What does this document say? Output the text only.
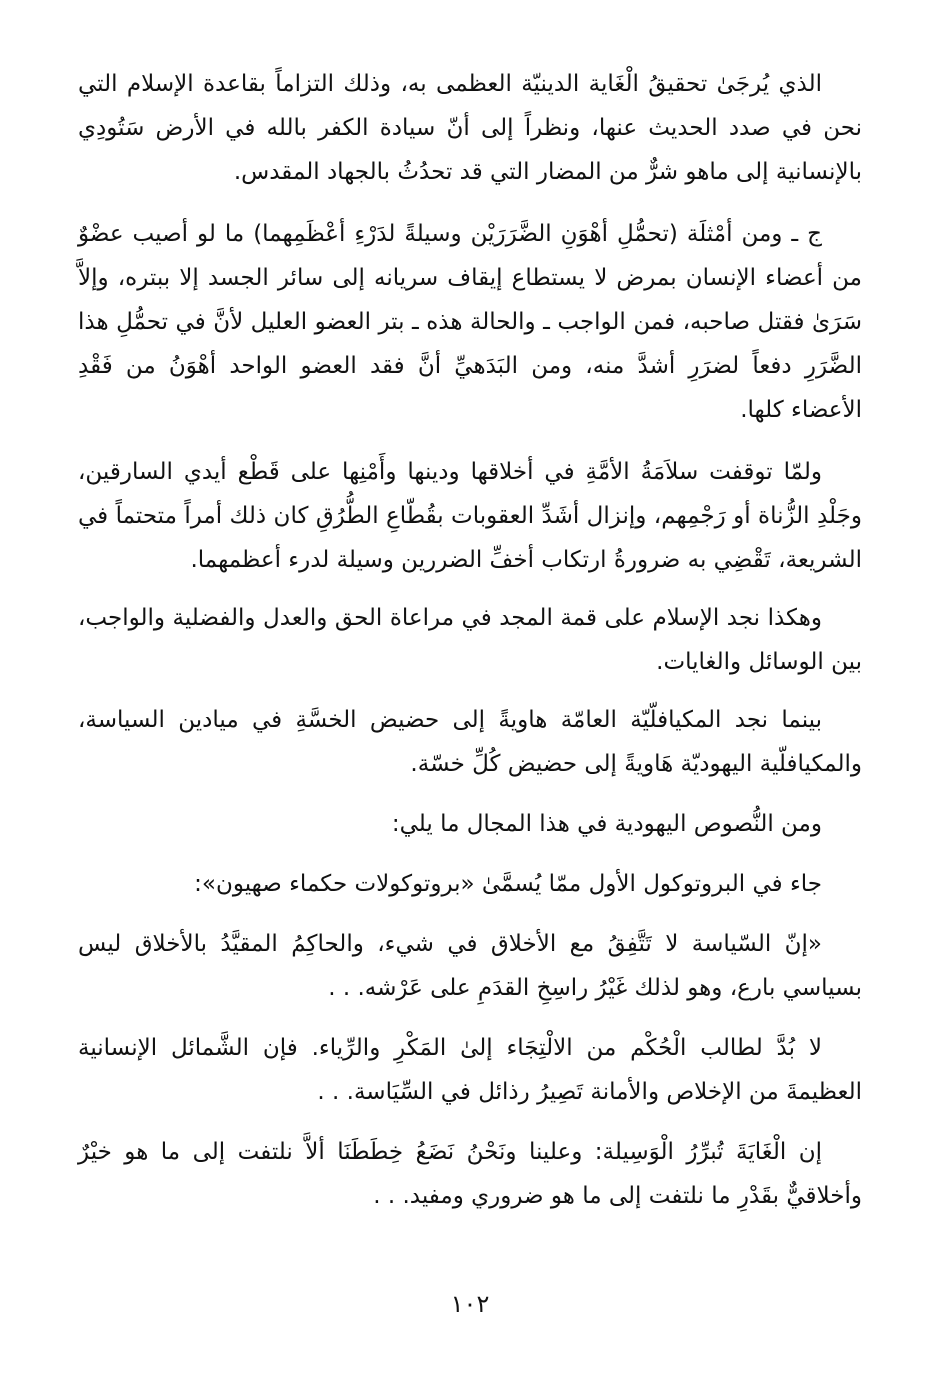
الذي يُرجَىٰ تحقيقُ الْغَاية الدينيّة العظمى به، وذلك التزاماً بقاعدة الإسلام التي نحن في صدد الحديث عنها، ونظراً إلى أنّ سيادة الكفر بالله في الأرض سَتُودِي بالإنسانية إلى ماهو شرٌّ من المضار التي قد تحدُثُ بالجهاد المقدس.

ج ـ ومن أمْثلَة (تحمُّلِ أهْوَنِ الضَّرَرَيْن وسيلةً لدَرْءِ أعْظَمِهما) ما لو أصيب عضْوٌ من أعضاء الإنسان بمرض لا يستطاع إيقاف سريانه إلى سائر الجسد إلا ببتره، وإلاَّ سَرَىٰ فقتل صاحبه، فمن الواجب ـ والحالة هذه ـ بتر العضو العليل لأنَّ في تحمُّلِ هذا الضَّرَرِ دفعاً لضرَرِ أشدَّ منه، ومن البَدَهيِّ أنَّ فقد العضو الواحد أهْوَنُ من فَقْدِ الأعضاء كلها.

ولمّا توقفت سلاَمَةُ الأمَّةِ في أخلاقها ودينها وأَمْنِها على قَطْع أيدي السارقين، وجَلْدِ الزُّناة أو رَجْمِهم، وإنزال أشَدِّ العقوبات بقُطّاعِ الطُّرُقِ كان ذلك أمراً متحتماً في الشريعة، تَقْضِي به ضرورةُ ارتكاب أخفِّ الضررين وسيلة لدرء أعظمهما.

وهكذا نجد الإسلام على قمة المجد في مراعاة الحق والعدل والفضلية والواجب، بين الوسائل والغايات.

بينما نجد المكيافلّيّة العامّة هاويةً إلى حضيض الخسَّةِ في ميادين السياسة، والمكيافلّية اليهوديّة هَاويةً إلى حضيض كُلِّ خسّة.

ومن النُّصوص اليهودية في هذا المجال ما يلي:

جاء في البروتوكول الأول ممّا يُسمَّىٰ «بروتوكولات حكماء صهيون»:

«إنّ السّياسة لا تَتَّفِقُ مع الأخلاق في شيء، والحاكِمُ المقيَّدُ بالأخلاق ليس بسياسي بارع، وهو لذلك غَيْرُ راسِخِ القدَمِ على عَرْشه. . .

لا بُدَّ لطالب الْحُكْم من الالْتِجَاء إلىٰ المَكْرِ والرِّياء. فإن الشَّمائل الإنسانية العظيمةَ من الإخلاص والأمانة تَصِيرُ رذائل في السِّيَاسة. . .

إن الْغَايَةَ تُبرِّرُ الْوَسِيلة: وعلينا ونَحْنُ نَضَعُ خِطَطَنَا ألاَّ نلتفت إلى ما هو خيْرٌ وأخلاقيٌّ بقَدْرِ ما نلتفت إلى ما هو ضروري ومفيد. . .

١٠٢
